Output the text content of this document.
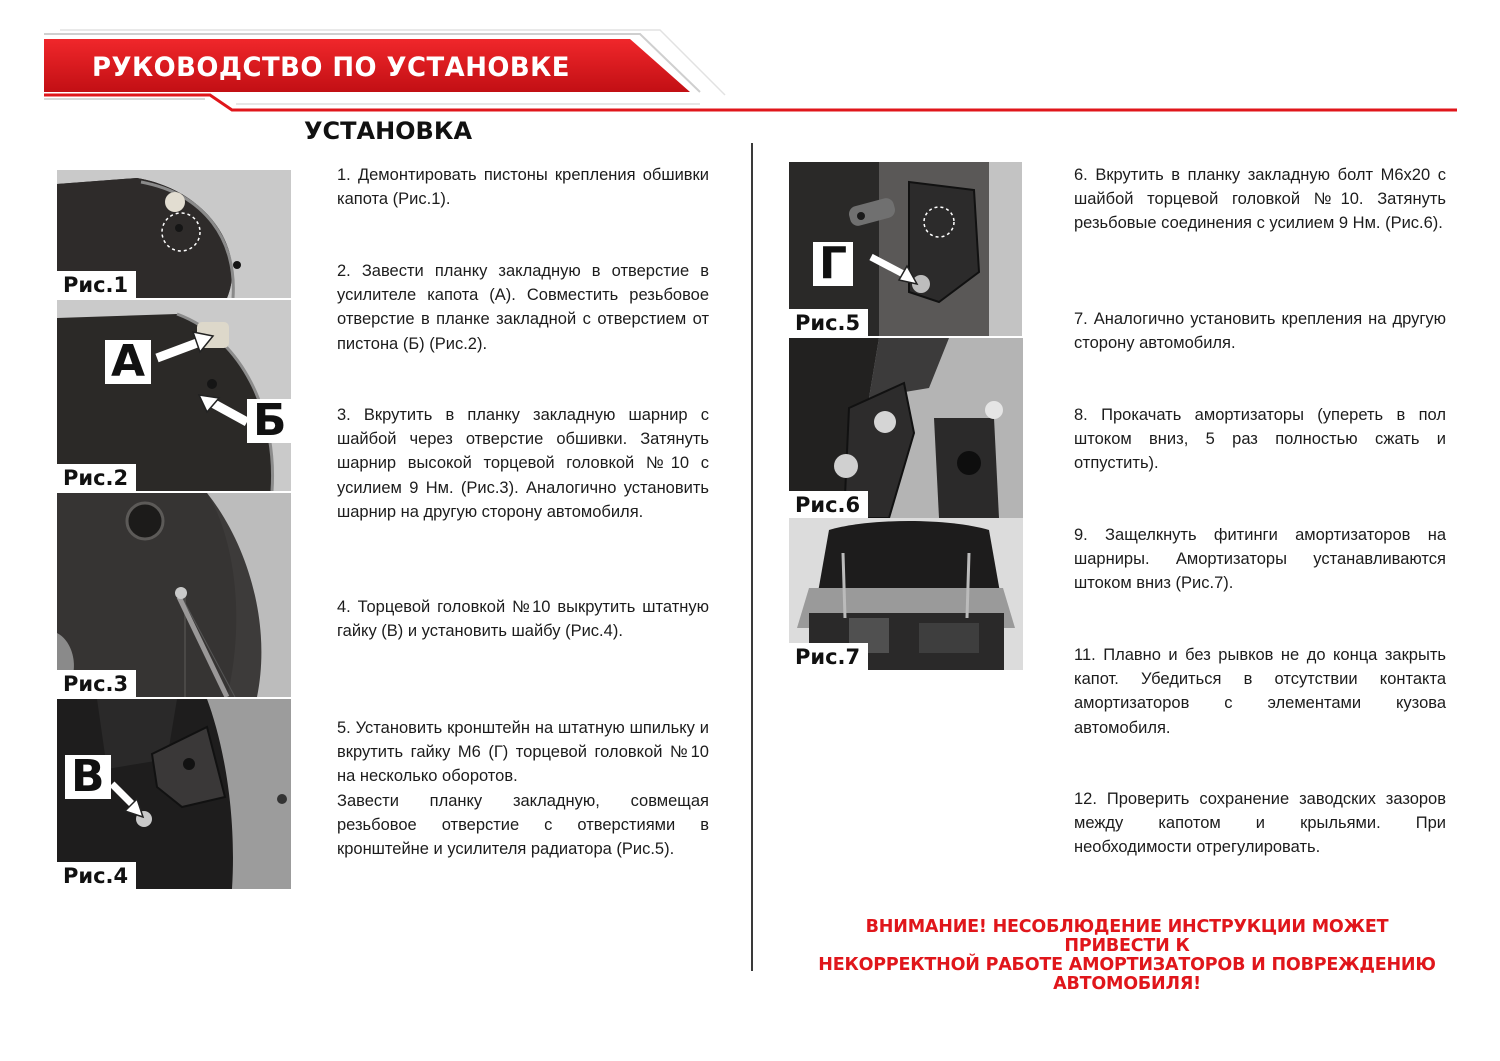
РУКОВОДСТВО ПО УСТАНОВКЕ
УСТАНОВКА
Рис.1
А
Б
Рис.2
Рис.3
В
Рис.4
Г
Рис.5
Рис.6
Рис.7
1. Демонтировать пистоны крепления обшивки капота (Рис.1).
2. Завести планку закладную в отверстие в усилителе капота (А). Совместить резьбовое отверстие в планке закладной с отверстием от пистона (Б) (Рис.2).
3. Вкрутить в планку закладную шарнир с шайбой через отверстие обшивки. Затянуть шарнир высокой торцевой головкой №10 с усилием 9 Нм. (Рис.3). Аналогично установить шарнир на другую сторону автомобиля.
4. Торцевой головкой №10 выкрутить штатную гайку (В) и установить шайбу (Рис.4).
5. Установить кронштейн на штатную шпильку и вкрутить гайку М6 (Г) торцевой головкой №10 на несколько оборотов.
Завести планку закладную, совмещая резьбовое отверстие с отверстиями в кронштейне и усилителя радиатора (Рис.5).
6. Вкрутить в планку закладную болт М6х20 с шайбой торцевой головкой №10. Затянуть резьбовые соединения с усилием 9 Нм. (Рис.6).
7. Аналогично установить крепления на другую сторону автомобиля.
8. Прокачать амортизаторы (упереть в пол штоком вниз, 5 раз полностью сжать и отпустить).
9. Защелкнуть фитинги амортизаторов на шарниры. Амортизаторы устанавливаются штоком вниз (Рис.7).
11. Плавно и без рывков не до конца закрыть капот. Убедиться в отсутствии контакта амортизаторов с элементами кузова автомобиля.
12. Проверить сохранение заводских зазоров между капотом и крыльями. При необходимости отрегулировать.
ВНИМАНИЕ! НЕСОБЛЮДЕНИЕ ИНСТРУКЦИИ МОЖЕТ ПРИВЕСТИ К
НЕКОРРЕКТНОЙ РАБОТЕ АМОРТИЗАТОРОВ И ПОВРЕЖДЕНИЮ
АВТОМОБИЛЯ!
